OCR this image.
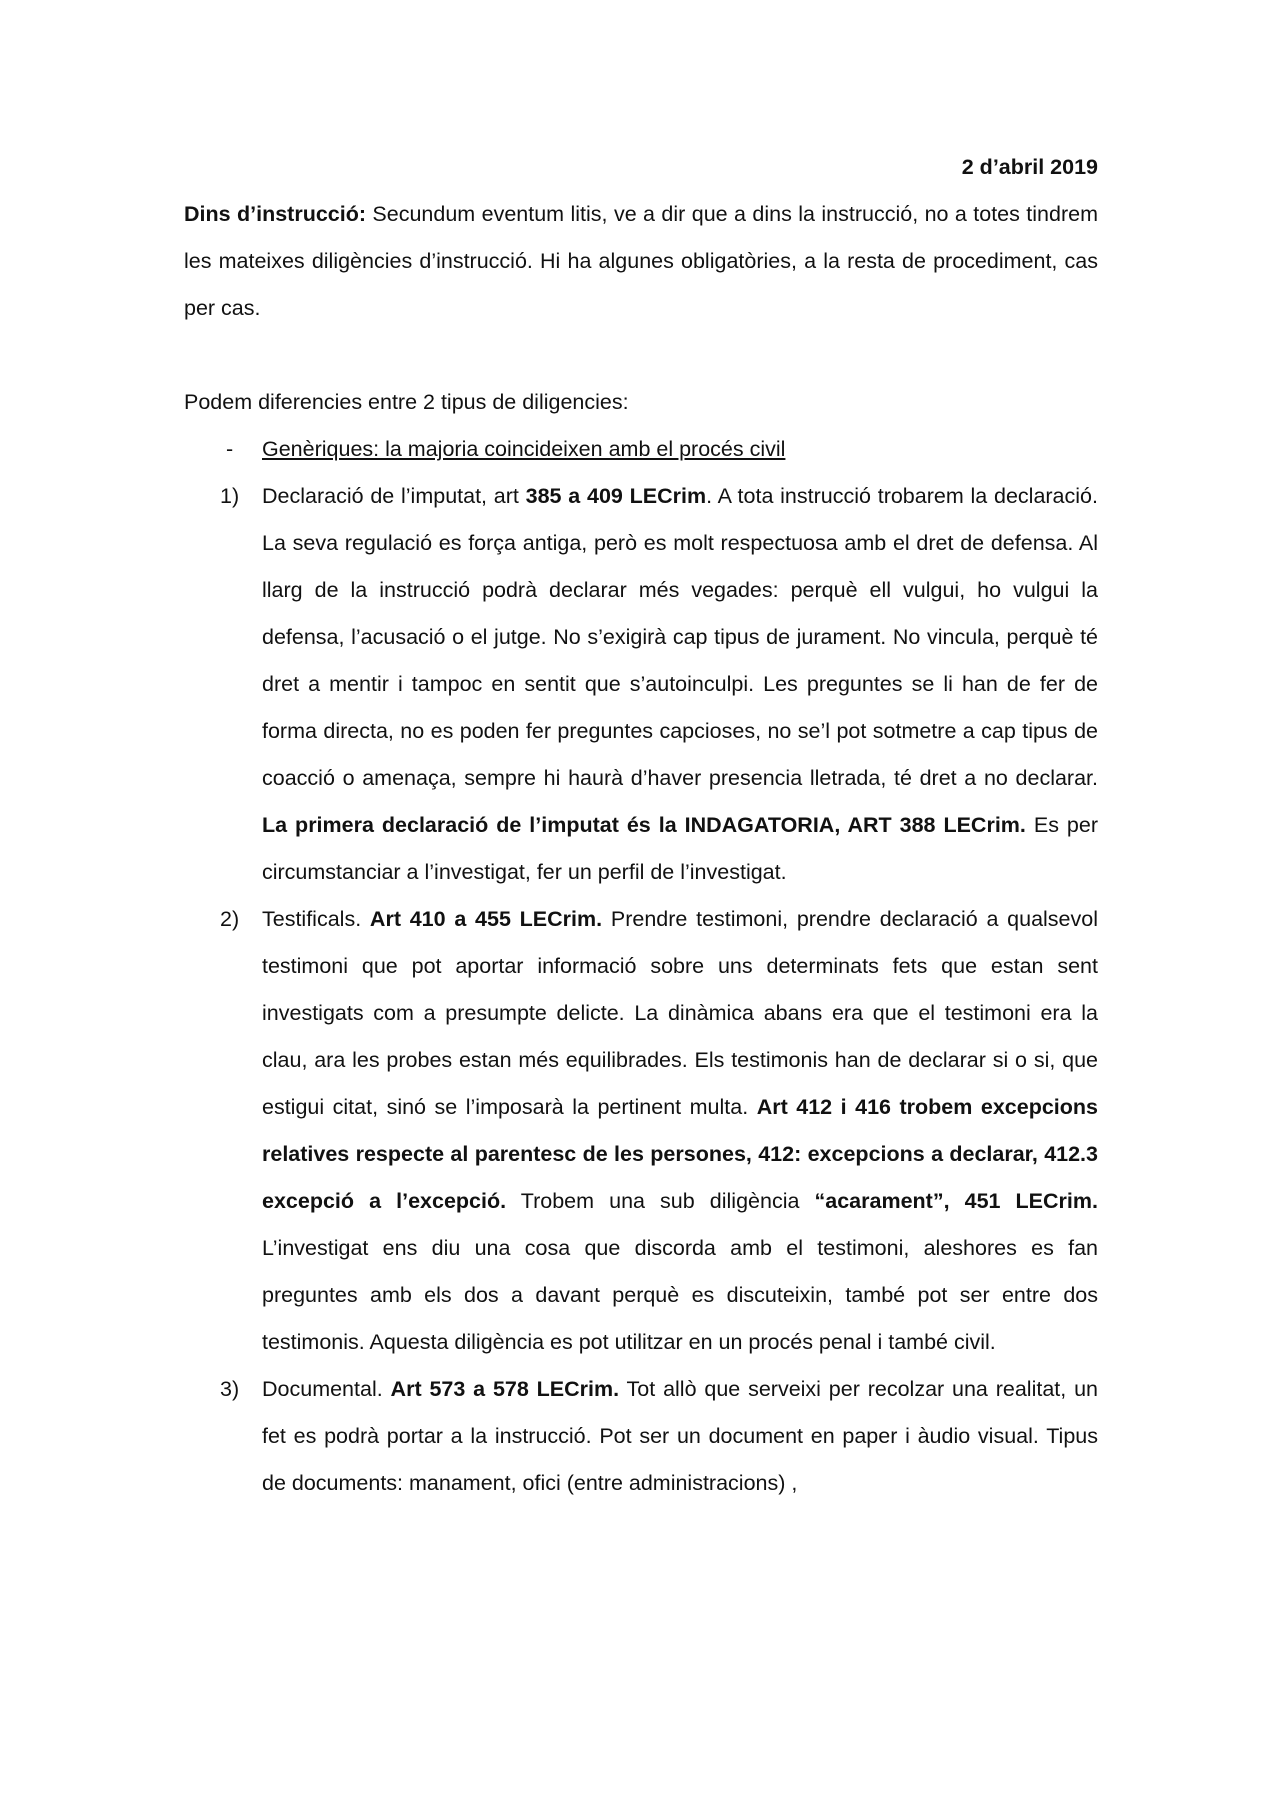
2 d’abril 2019

Dins d’instrucció: Secundum eventum litis, ve a dir que a dins la instrucció, no a totes tindrem les mateixes diligències d’instrucció. Hi ha algunes obligatòries, a la resta de procediment, cas per cas.

Podem diferencies entre 2 tipus de diligencies:

-	Genèriques: la majoria coincideixen amb el procés civil
1)	Declaració de l’imputat, art 385 a 409 LECrim. A tota instrucció trobarem la declaració. La seva regulació es força antiga, però es molt respectuosa amb el dret de defensa. Al llarg de la instrucció podrà declarar més vegades: perquè ell vulgui, ho vulgui la defensa, l’acusació o el jutge. No s’exigirà cap tipus de jurament. No vincula, perquè té dret a mentir i tampoc en sentit que s’autoinculpi. Les preguntes se li han de fer de forma directa, no es poden fer preguntes capcioses, no se’l pot sotmetre a cap tipus de coacció o amenaça, sempre hi haurà d’haver presencia lletrada, té dret a no declarar. La primera declaració de l’imputat és la INDAGATORIA, ART 388 LECrim. Es per circumstanciar a l’investigat, fer un perfil de l’investigat.
2)	Testificals. Art 410 a 455 LECrim. Prendre testimoni, prendre declaració a qualsevol testimoni que pot aportar informació sobre uns determinats fets que estan sent investigats com a presumpte delicte. La dinàmica abans era que el testimoni era la clau, ara les probes estan més equilibrades. Els testimonis han de declarar si o si, que estigui citat, sinó se l’imposarà la pertinent multa. Art 412 i 416 trobem excepcions relatives respecte al parentesc de les persones, 412: excepcions a declarar, 412.3 excepció a l’excepció. Trobem una sub diligència “acarament”, 451 LECrim. L’investigat ens diu una cosa que discorda amb el testimoni, aleshores es fan preguntes amb els dos a davant perquè es discuteixin, també pot ser entre dos testimonis. Aquesta diligència es pot utilitzar en un procés penal i també civil.
3)	Documental. Art 573 a 578 LECrim. Tot allò que serveixi per recolzar una realitat, un fet es podrà portar a la instrucció. Pot ser un document en paper i àudio visual. Tipus de documents: manament, ofici (entre administracions) ,
